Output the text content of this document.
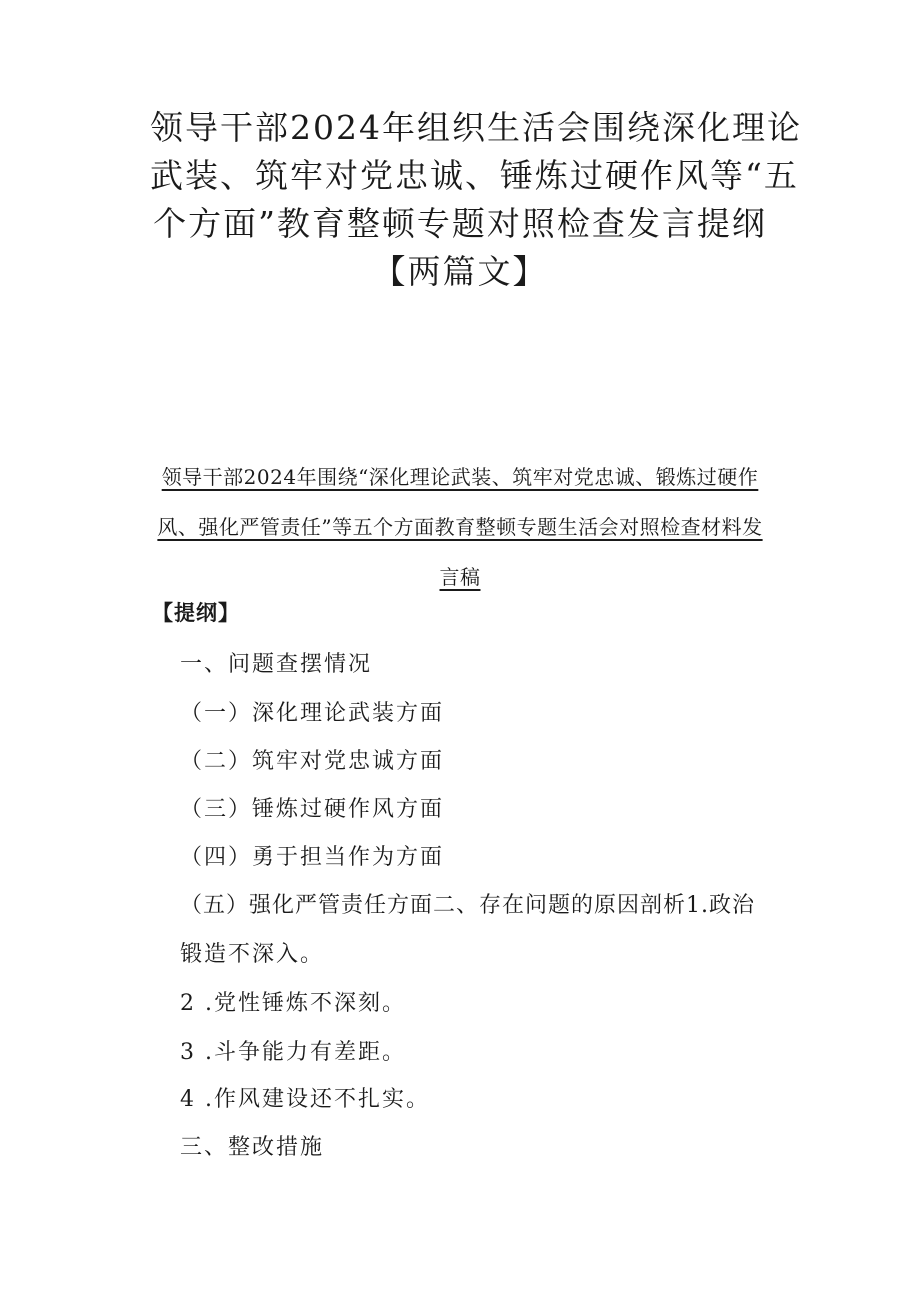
领导干部2024年组织生活会围绕深化理论
武装、筑牢对党忠诚、锤炼过硬作风等“五
个方面”教育整顿专题对照检查发言提纲
【两篇文】
领导干部2024年围绕“深化理论武装、筑牢对党忠诚、锻炼过硬作
风、强化严管责任”等五个方面教育整顿专题生活会对照检查材料发
言稿
【提纲】
一、问题查摆情况
（一）深化理论武装方面
（二）筑牢对党忠诚方面
（三）锤炼过硬作风方面
（四）勇于担当作为方面
（五）强化严管责任方面二、存在问题的原因剖析1.政治
锻造不深入。
2 .党性锤炼不深刻。
3 .斗争能力有差距。
4 .作风建设还不扎实。
三、整改措施
